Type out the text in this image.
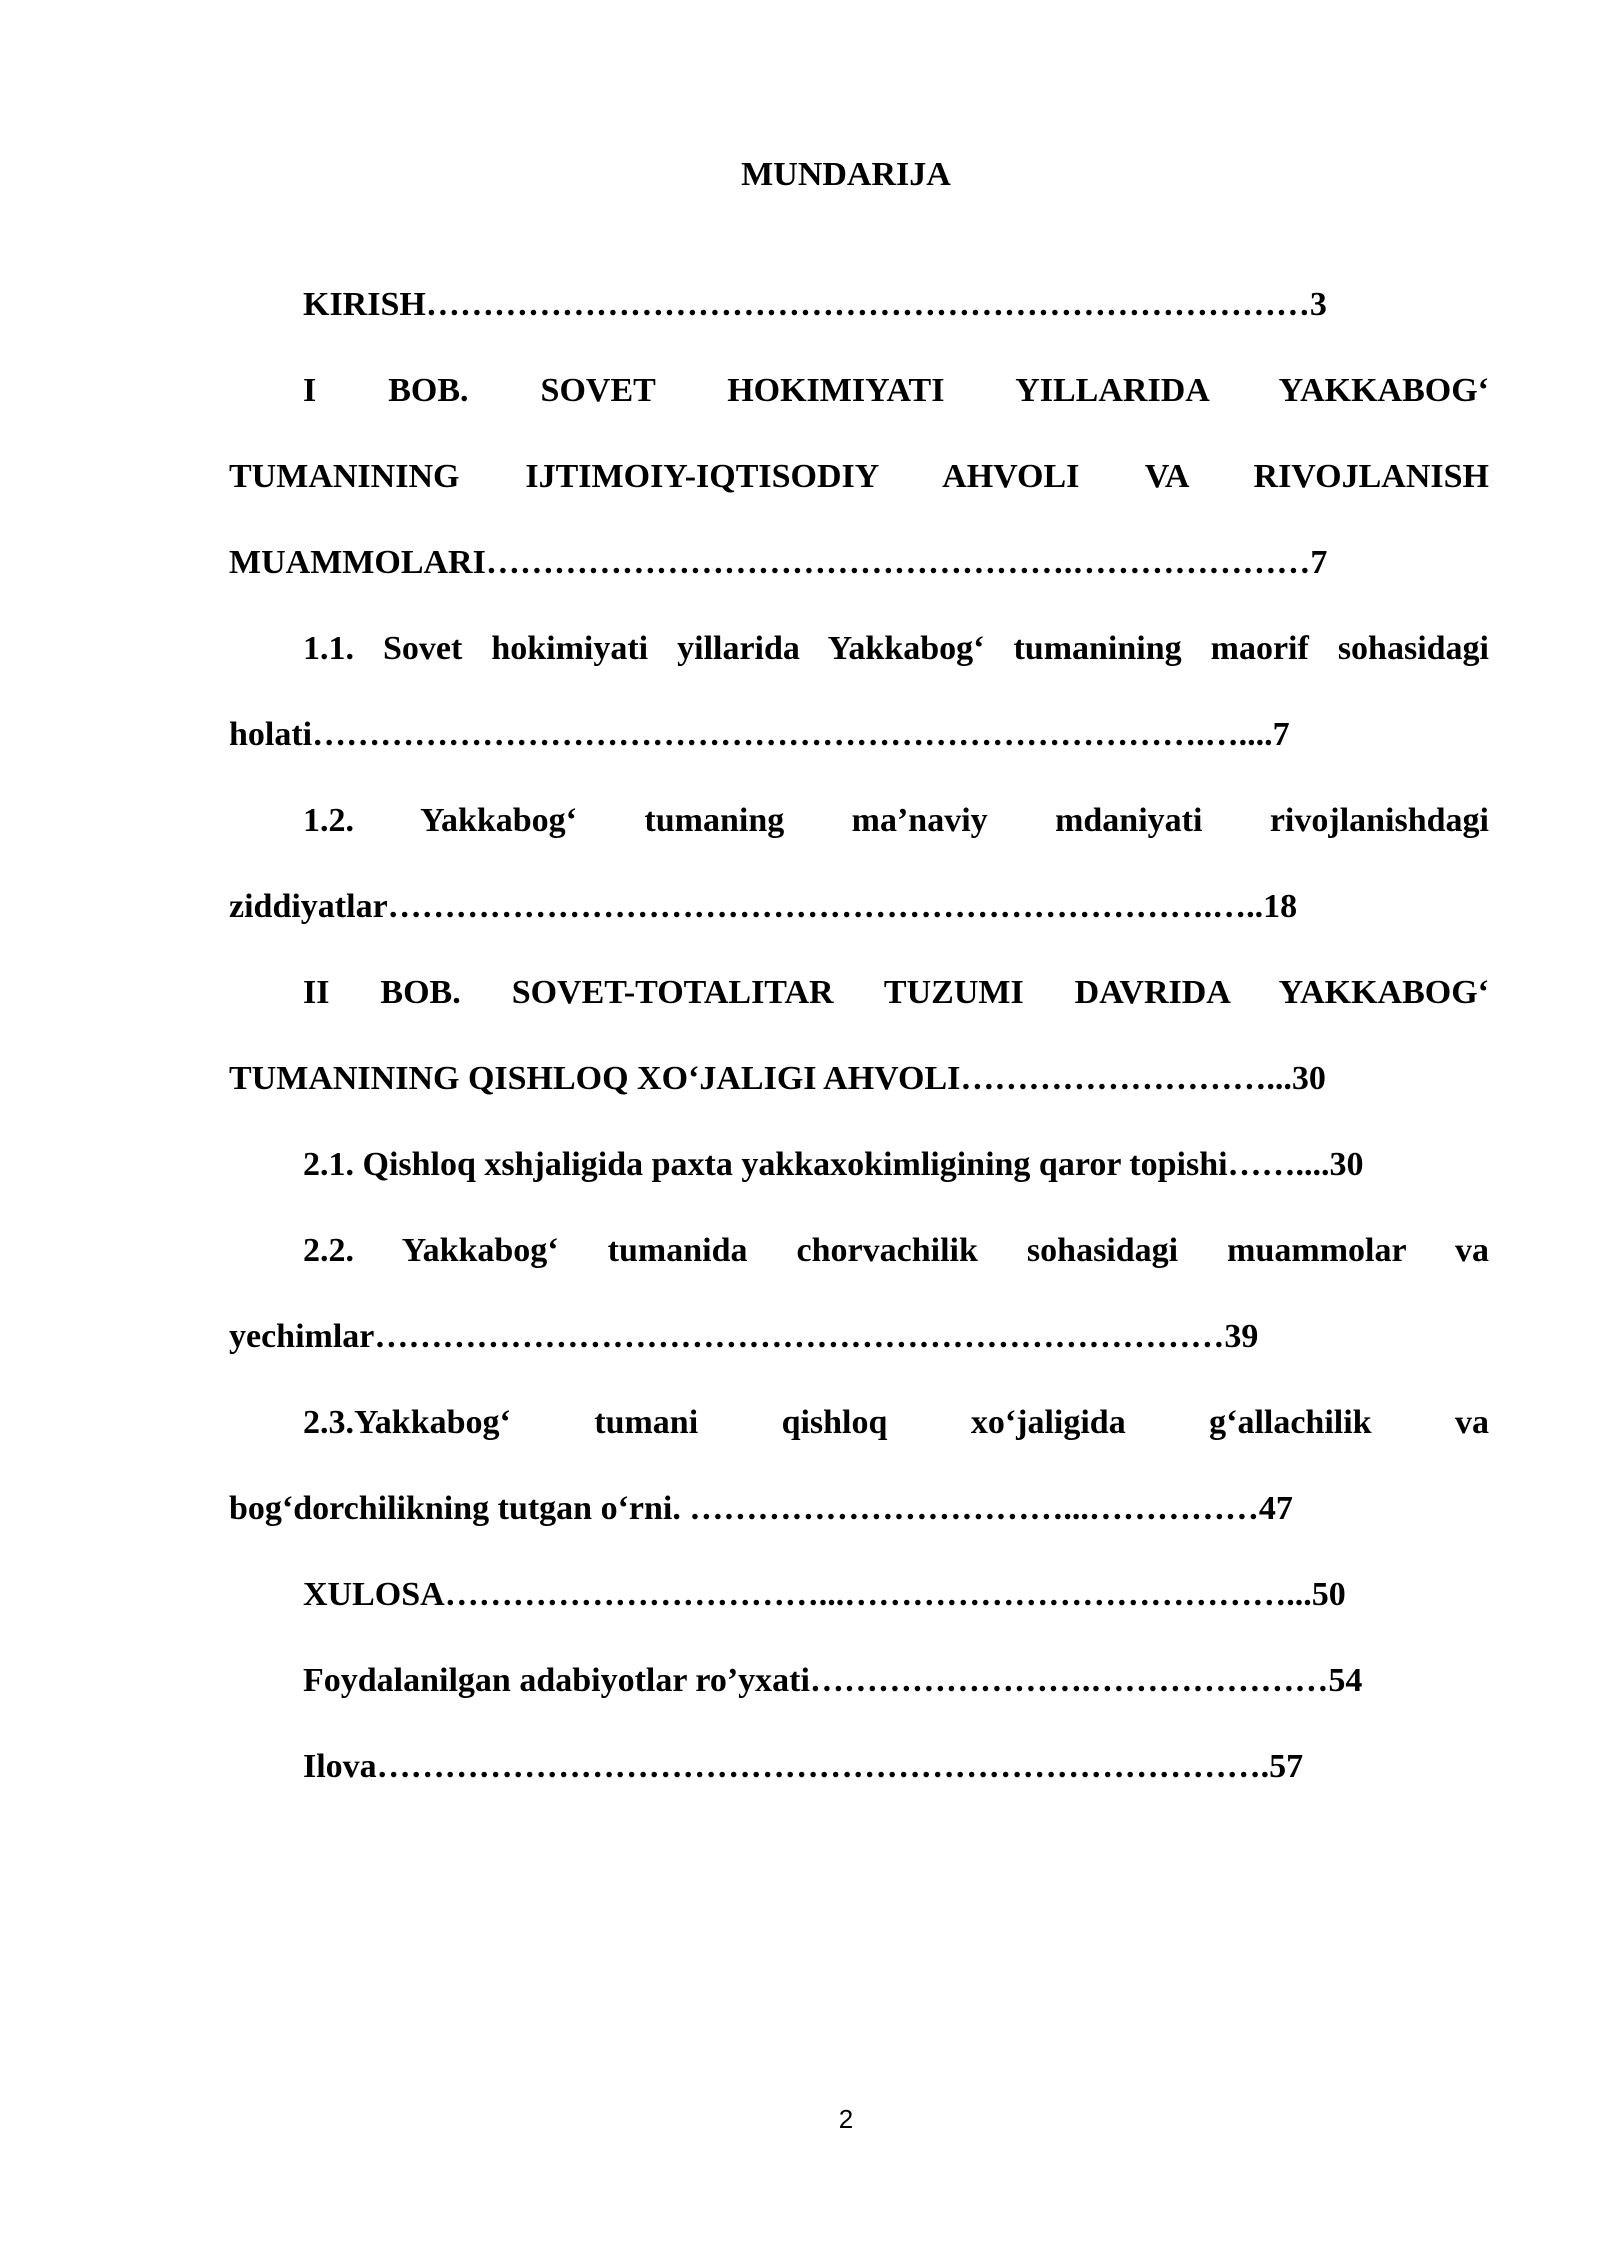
MUNDARIJA
KIRISH……………………………………………………………………3
I BOB. SOVET HOKIMIYATI YILLARIDA YAKKABOG‘
TUMANINING IJTIMOIY-IQTISODIY AHVOLI VA RIVOJLANISH
MUAMMOLARI…………………………………………….…………………7
1.1. Sovet hokimiyati yillarida Yakkabog‘ tumanining maorif sohasidagi
holati…………………………………………………………………….…....7
1.2. Yakkabog‘ tumaning ma’naviy mdaniyati rivojlanishdagi
ziddiyatlar……………………………………………………………….…..18
II BOB. SOVET-TOTALITAR TUZUMI DAVRIDA YAKKABOG‘
TUMANINING QISHLOQ XO‘JALIGI AHVOLI………………………...30
2.1. Qishloq xshjaligida paxta yakkaxokimligining qaror topishi……....30
2.2. Yakkabog‘ tumanida chorvachilik sohasidagi muammolar va
yechimlar…………………………………………………………………39
2.3.Yakkabog‘ tumani qishloq xo‘jaligida g‘allachilik va
bog‘dorchilikning tutgan o‘rni. ……………………………...……………47
XULOSA……………………………...…………………………………...50
Foydalanilgan adabiyotlar ro’yxati…………………….…………………54
Ilova…………………………………………………………………….57
2
